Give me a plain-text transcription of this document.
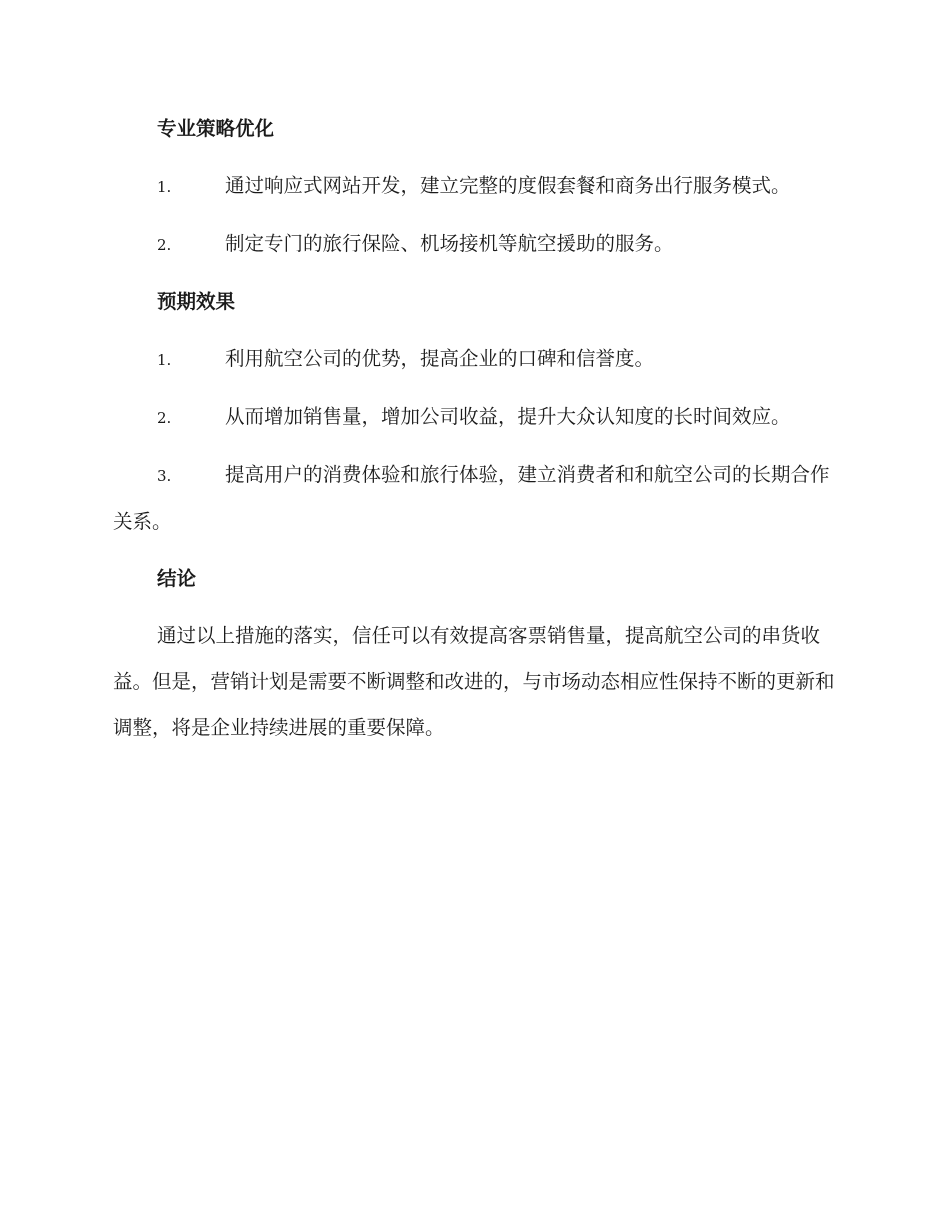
专业策略优化
1.	通过响应式网站开发，建立完整的度假套餐和商务出行服务模式。
2.	制定专门的旅行保险、机场接机等航空援助的服务。
预期效果
1.	利用航空公司的优势，提高企业的口碑和信誉度。
2.	从而增加销售量，增加公司收益，提升大众认知度的长时间效应。
3.	提高用户的消费体验和旅行体验，建立消费者和和航空公司的长期合作关系。
结论
通过以上措施的落实，信任可以有效提高客票销售量，提高航空公司的串货收益。但是，营销计划是需要不断调整和改进的，与市场动态相应性保持不断的更新和调整，将是企业持续进展的重要保障。
